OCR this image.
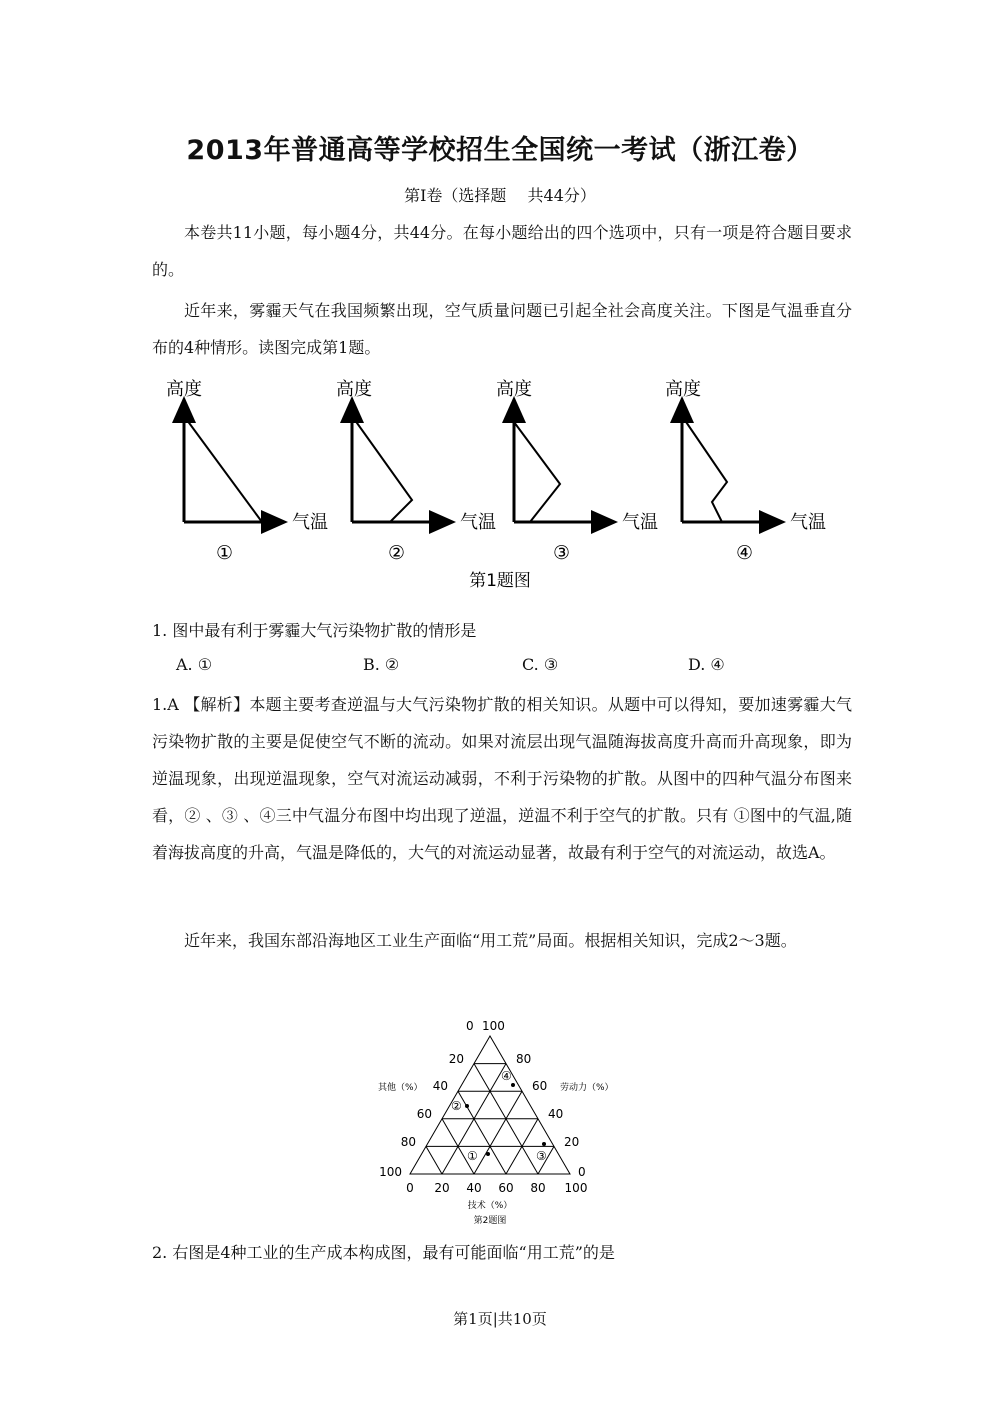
2013年普通高等学校招生全国统一考试（浙江卷）
第Ⅰ卷（选择题　 共44分）
本卷共11小题，每小题4分，共44分。在每小题给出的四个选项中，只有一项是符合题目要求的。
近年来，雾霾天气在我国频繁出现，空气质量问题已引起全社会高度关注。下图是气温垂直分布的4种情形。读图完成第1题。
高度
气温
①
高度
气温
②
高度
气温
③
高度
气温
④
第1题图
1. 图中最有利于雾霾大气污染物扩散的情形是
A. ①	B. ②	C. ③	D. ④
1.A 【解析】本题主要考查逆温与大气污染物扩散的相关知识。从题中可以得知，要加速雾霾大气污染物扩散的主要是促使空气不断的流动。如果对流层出现气温随海拔高度升高而升高现象，即为逆温现象，出现逆温现象，空气对流运动减弱，不利于污染物的扩散。从图中的四种气温分布图来看，② 、③ 、④三中气温分布图中均出现了逆温，逆温不利于空气的扩散。只有 ①图中的气温,随着海拔高度的升高，气温是降低的，大气的对流运动显著，故最有利于空气的对流运动，故选A。
近年来，我国东部沿海地区工业生产面临“用工荒”局面。根据相关知识，完成2～3题。
0 100
20
40
60
80
100
80
60
40
20
0
0 20 40 60 80 100
其他（%）	劳动力（%）
技术（%）
第2题图
①
②
③
④
2. 右图是4种工业的生产成本构成图，最有可能面临“用工荒”的是
第1页|共10页
